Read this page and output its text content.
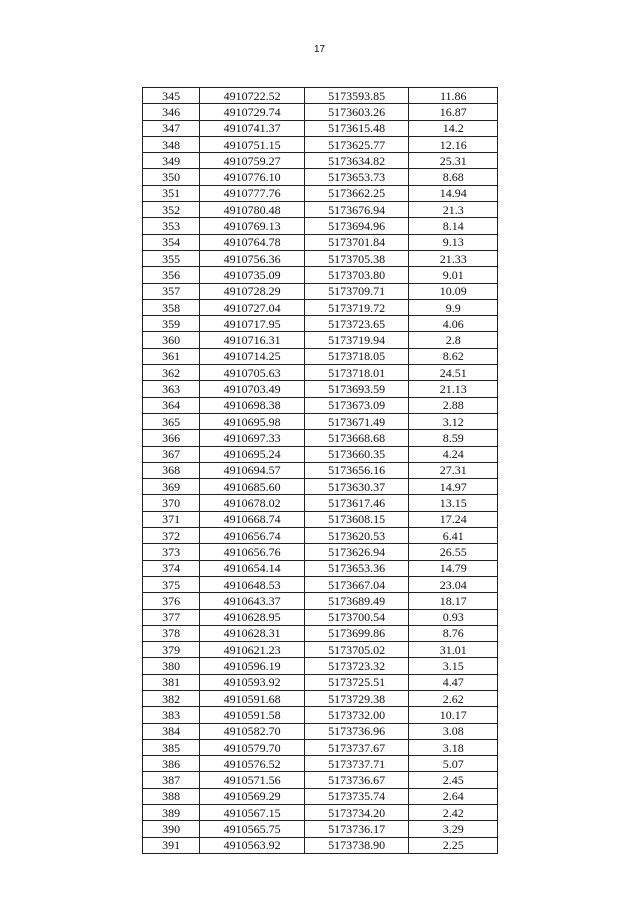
17
345	4910722.52	5173593.85	11.86
346	4910729.74	5173603.26	16.87
347	4910741.37	5173615.48	14.2
348	4910751.15	5173625.77	12.16
349	4910759.27	5173634.82	25.31
350	4910776.10	5173653.73	8.68
351	4910777.76	5173662.25	14.94
352	4910780.48	5173676.94	21.3
353	4910769.13	5173694.96	8.14
354	4910764.78	5173701.84	9.13
355	4910756.36	5173705.38	21.33
356	4910735.09	5173703.80	9.01
357	4910728.29	5173709.71	10.09
358	4910727.04	5173719.72	9.9
359	4910717.95	5173723.65	4.06
360	4910716.31	5173719.94	2.8
361	4910714.25	5173718.05	8.62
362	4910705.63	5173718.01	24.51
363	4910703.49	5173693.59	21.13
364	4910698.38	5173673.09	2.88
365	4910695.98	5173671.49	3.12
366	4910697.33	5173668.68	8.59
367	4910695.24	5173660.35	4.24
368	4910694.57	5173656.16	27.31
369	4910685.60	5173630.37	14.97
370	4910678.02	5173617.46	13.15
371	4910668.74	5173608.15	17.24
372	4910656.74	5173620.53	6.41
373	4910656.76	5173626.94	26.55
374	4910654.14	5173653.36	14.79
375	4910648.53	5173667.04	23.04
376	4910643.37	5173689.49	18.17
377	4910628.95	5173700.54	0.93
378	4910628.31	5173699.86	8.76
379	4910621.23	5173705.02	31.01
380	4910596.19	5173723.32	3.15
381	4910593.92	5173725.51	4.47
382	4910591.68	5173729.38	2.62
383	4910591.58	5173732.00	10.17
384	4910582.70	5173736.96	3.08
385	4910579.70	5173737.67	3.18
386	4910576.52	5173737.71	5.07
387	4910571.56	5173736.67	2.45
388	4910569.29	5173735.74	2.64
389	4910567.15	5173734.20	2.42
390	4910565.75	5173736.17	3.29
391	4910563.92	5173738.90	2.25
